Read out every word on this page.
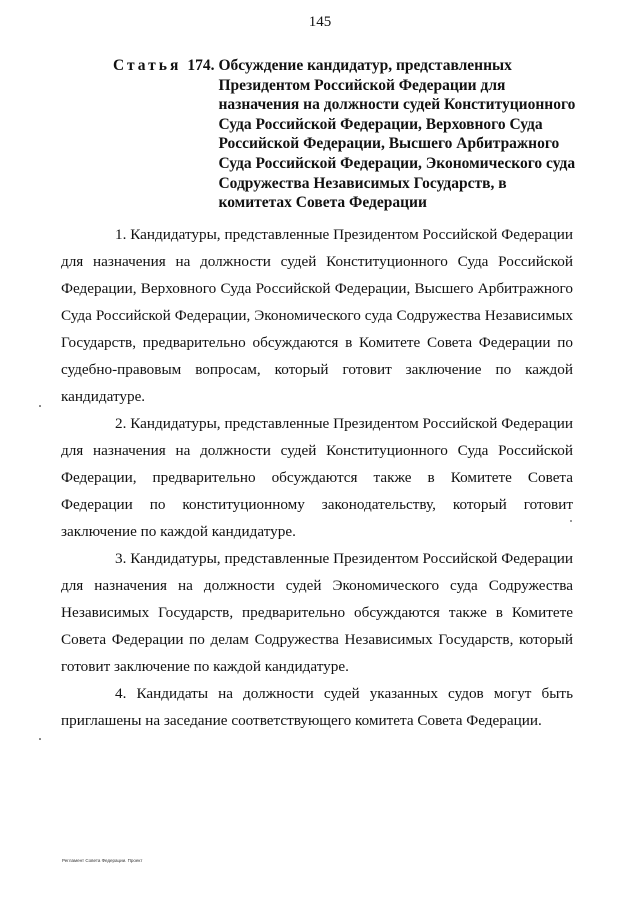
145
Статья 174. Обсуждение кандидатур, представленных
Президентом Российской Федерации для
назначения на должности судей Конституционного
Суда Российской Федерации, Верховного Суда
Российской Федерации, Высшего Арбитражного
Суда Российской Федерации, Экономического суда
Содружества Независимых Государств, в
комитетах Совета Федерации

1. Кандидатуры, представленные Президентом Российской Федерации для назначения на должности судей Конституционного Суда Российской Федерации, Верховного Суда Российской Федерации, Высшего Арбитражного Суда Российской Федерации, Экономического суда Содружества Независимых Государств, предварительно обсуждаются в Комитете Совета Федерации по судебно-правовым вопросам, который готовит заключение по каждой кандидатуре.

2. Кандидатуры, представленные Президентом Российской Федерации для назначения на должности судей Конституционного Суда Российской Федерации, предварительно обсуждаются также в Комитете Совета Федерации по конституционному законодательству, который готовит заключение по каждой кандидатуре.

3. Кандидатуры, представленные Президентом Российской Федерации для назначения на должности судей Экономического суда Содружества Независимых Государств, предварительно обсуждаются также в Комитете Совета Федерации по делам Содружества Независимых Государств, который готовит заключение по каждой кандидатуре.

4. Кандидаты на должности судей указанных судов могут быть приглашены на заседание соответствующего комитета Совета Федерации.

Регламент Совета Федерации. Проект
